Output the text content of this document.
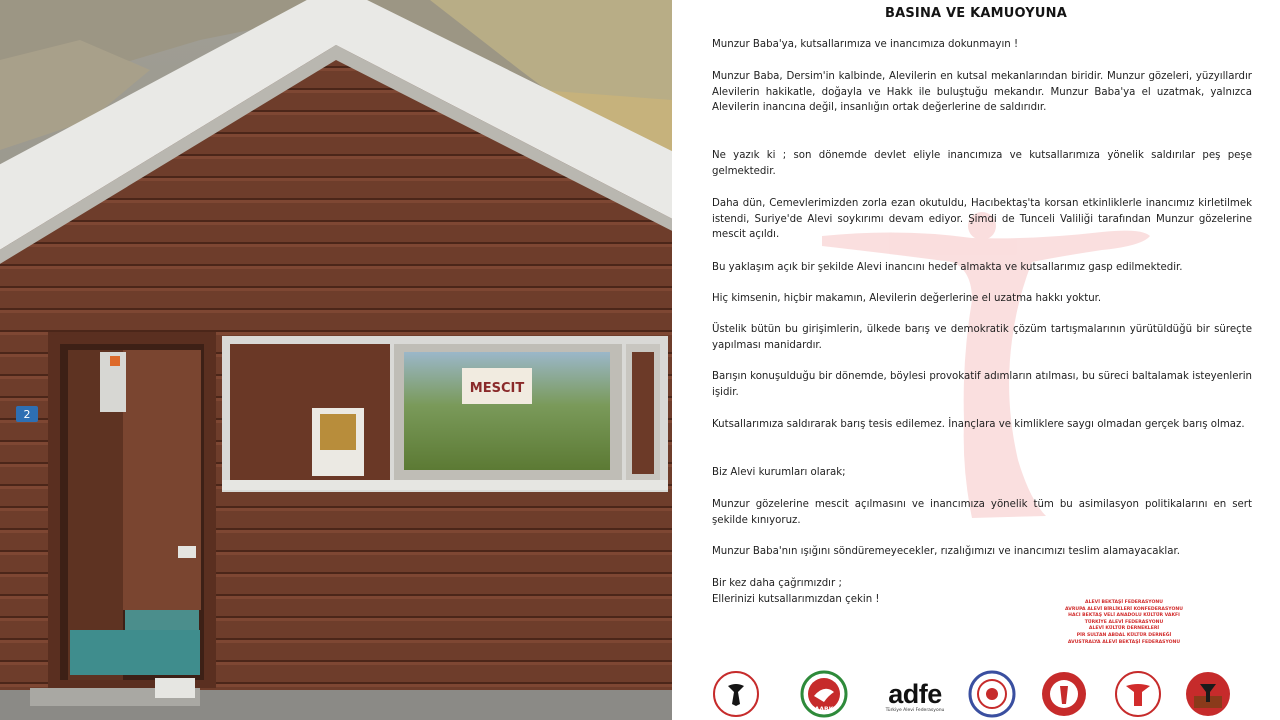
2
MESCIT
BASINA VE KAMUOYUNA

Munzur Baba'ya, kutsallarımıza ve inancımıza dokunmayın !

Munzur Baba, Dersim'in kalbinde, Alevilerin en kutsal mekanlarından biridir. Munzur gözeleri, yüzyıllardır Alevilerin hakikatle, doğayla ve Hakk ile buluştuğu mekandır. Munzur Baba'ya el uzatmak, yalnızca Alevilerin inancına değil, insanlığın ortak değerlerine de saldırıdır.

Ne yazık ki ; son dönemde devlet eliyle inancımıza ve kutsallarımıza yönelik saldırılar peş peşe gelmektedir.

Daha dün, Cemevlerimizden zorla ezan okutuldu, Hacıbektaş'ta korsan etkinliklerle inancımız kirletilmek istendi, Suriye'de Alevi soykırımı devam ediyor. Şimdi de Tunceli Valiliği tarafından Munzur gözelerine mescit açıldı.

Bu yaklaşım açık bir şekilde Alevi inancını hedef almakta ve kutsallarımız gasp edilmektedir.

Hiç kimsenin, hiçbir makamın, Alevilerin değerlerine el uzatma hakkı yoktur.

Üstelik bütün bu girişimlerin, ülkede barış ve demokratik çözüm tartışmalarının yürütüldüğü bir süreçte yapılması manidardır.

Barışın konuşulduğu bir dönemde, böylesi provokatif adımların atılması, bu süreci baltalamak isteyenlerin işidir.

Kutsallarımıza saldırarak barış tesis edilemez. İnançlara ve kimliklere saygı olmadan gerçek barış olmaz.

Biz Alevi kurumları olarak;

Munzur gözelerine mescit açılmasını ve inancımıza yönelik tüm bu asimilasyon politikalarını en sert şekilde kınıyoruz.

Munzur Baba'nın ışığını söndüremeyecekler, rızalığımızı ve inancımızı teslim alamayacaklar.

Bir kez daha çağrımızdır ;

Ellerinizi kutsallarımızdan çekin !	ALEVİ BEKTAŞİ FEDERASYONU
AVRUPA ALEVİ BİRLİKLERİ KONFEDERASYONU
HACI BEKTAŞ VELİ ANADOLU KÜLTÜR VAKFI
TÜRKİYE ALEVİ FEDERASYONU
ALEVİ KÜLTÜR DERNEKLERİ
PİR SULTAN ABDAL KÜLTÜR DERNEĞİ
AVUSTRALYA ALEVİ BEKTAŞİ FEDERASYONU
AABK
adfe
Türkiye Alevi Federasyonu
